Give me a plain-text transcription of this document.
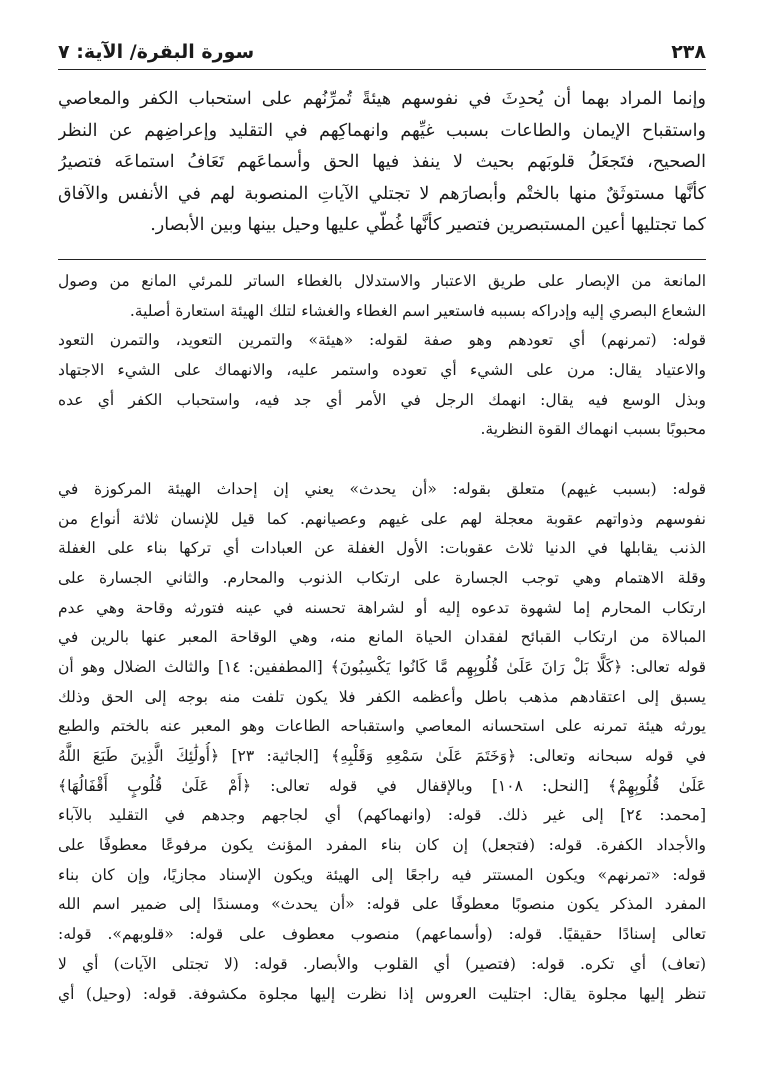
سورة البقرة/ الآية: ٧	٢٣٨
وإنما المراد بهما أن يُحدِثَ في نفوسهم هيئةً تُمرِّنُهم على استحباب الكفر والمعاصي
واستقباح الإيمان والطاعات بسبب غيِّهم وانهماكِهم في التقليد وإعراضِهم عن النظر
الصحيح، فتَجعَلُ قلوبَهم بحيث لا ينفذ فيها الحق وأسماعَهم تَعَافُ استماعَه فتصيرُ
كأنَّها مستوثَقٌ منها بالختْم وأبصارَهم لا تجتلي الآياتِ المنصوبة لهم في الأنفس والآفاق
كما تجتليها أعين المستبصرين فتصير كأنَّها غُطّي عليها وحيل بينها وبين الأبصار.
المانعة من الإبصار على طريق الاعتبار والاستدلال بالغطاء الساتر للمرئي المانع من وصول
الشعاع البصري إليه وإدراكه بسببه فاستعير اسم الغطاء والغشاء لتلك الهيئة استعارة أصلية.
قوله: (تمرنهم) أي تعودهم وهو صفة لقوله: «هيئة» والتمرين التعويد، والتمرن التعود
والاعتياد يقال: مرن على الشيء أي تعوده واستمر عليه، والانهماك على الشيء الاجتهاد
وبذل الوسع فيه يقال: انهمك الرجل في الأمر أي جد فيه، واستحباب الكفر أي عده
محبوبًا بسبب انهماك القوة النظرية.
قوله: (بسبب غيهم) متعلق بقوله: «أن يحدث» يعني إن إحداث الهيئة المركوزة في
نفوسهم وذواتهم عقوبة معجلة لهم على غيهم وعصيانهم. كما قيل للإنسان ثلاثة أنواع من
الذنب يقابلها في الدنيا ثلاث عقوبات: الأول الغفلة عن العبادات أي تركها بناء على الغفلة
وقلة الاهتمام وهي توجب الجسارة على ارتكاب الذنوب والمحارم. والثاني الجسارة على
ارتكاب المحارم إما لشهوة تدعوه إليه أو لشراهة تحسنه في عينه فتورثه وقاحة وهي عدم
المبالاة من ارتكاب القبائح لفقدان الحياة المانع منه، وهي الوقاحة المعبر عنها بالرين في
قوله تعالى: ﴿كَلَّا بَلْ رَانَ عَلَىٰ قُلُوبِهِم مَّا كَانُوا يَكْسِبُونَ﴾ [المطففين: ١٤] والثالث الضلال وهو أن
يسبق إلى اعتقادهم مذهب باطل وأعظمه الكفر فلا يكون تلفت منه بوجه إلى الحق وذلك
يورثه هيئة تمرنه على استحسانه المعاصي واستقباحه الطاعات وهو المعبر عنه بالختم والطبع
في قوله سبحانه وتعالى: ﴿وَخَتَمَ عَلَىٰ سَمْعِهِ وَقَلْبِهِ﴾ [الجاثية: ٢٣] ﴿أُولَٰئِكَ الَّذِينَ طَبَعَ اللَّهُ
عَلَىٰ قُلُوبِهِمْ﴾ [النحل: ١٠٨] وبالإقفال في قوله تعالى: ﴿أَمْ عَلَىٰ قُلُوبٍ أَقْفَالُهَا﴾
[محمد: ٢٤] إلى غير ذلك. قوله: (وانهماكهم) أي لجاجهم وجدهم في التقليد بالآباء
والأجداد الكفرة. قوله: (فتجعل) إن كان بناء المفرد المؤنث يكون مرفوعًا معطوفًا على
قوله: «تمرنهم» ويكون المستتر فيه راجعًا إلى الهيئة ويكون الإسناد مجازيًا، وإن كان بناء
المفرد المذكر يكون منصوبًا معطوفًا على قوله: «أن يحدث» ومسندًا إلى ضمير اسم الله
تعالى إسنادًا حقيقيًا. قوله: (وأسماعهم) منصوب معطوف على قوله: «قلوبهم». قوله:
(تعاف) أي تكره. قوله: (فتصير) أي القلوب والأبصار. قوله: (لا تجتلى الآيات) أي لا
تنظر إليها مجلوة يقال: اجتليت العروس إذا نظرت إليها مجلوة مكشوفة. قوله: (وحيل) أي
